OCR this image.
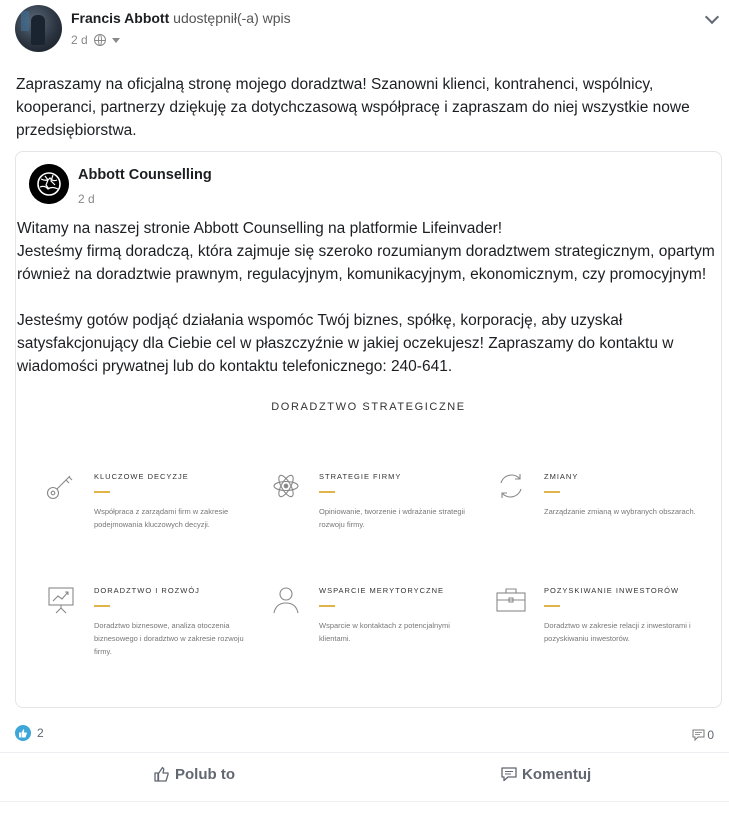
Francis Abbott udostępnił(-a) wpis
2 d
Zapraszamy na oficjalną stronę mojego doradztwa! Szanowni klienci, kontrahenci, wspólnicy, kooperanci, partnerzy dziękuję za dotychczasową współpracę i zapraszam do niej wszystkie nowe przedsiębiorstwa.
Abbott Counselling
2 d
Witamy na naszej stronie Abbott Counselling na platformie Lifeinvader!
Jesteśmy firmą doradczą, która zajmuje się szeroko rozumianym doradztwem strategicznym, opartym również na doradztwie prawnym, regulacyjnym, komunikacyjnym, ekonomicznym, czy promocyjnym!

Jesteśmy gotów podjąć działania wspomóc Twój biznes, spółkę, korporację, aby uzyskał satysfakcjonujący dla Ciebie cel w płaszczyźnie w jakiej oczekujesz! Zapraszamy do kontaktu w wiadomości prywatnej lub do kontaktu telefonicznego: 240-641.
DORADZTWO STRATEGICZNE
KLUCZOWE DECYZJE
Współpraca z zarządami firm w zakresie podejmowania kluczowych decyzji.
STRATEGIE FIRMY
Opiniowanie, tworzenie i wdrażanie strategii rozwoju firmy.
ZMIANY
Zarządzanie zmianą w wybranych obszarach.
DORADZTWO I ROZWÓJ
Doradztwo biznesowe, analiza otoczenia biznesowego i doradztwo w zakresie rozwoju firmy.
WSPARCIE MERYTORYCZNE
Wsparcie w kontaktach z potencjalnymi klientami.
POZYSKIWANIE INWESTORÓW
Doradztwo w zakresie relacji z inwestorami i pozyskiwaniu inwestorów.
2	0
Polub to	Komentuj
